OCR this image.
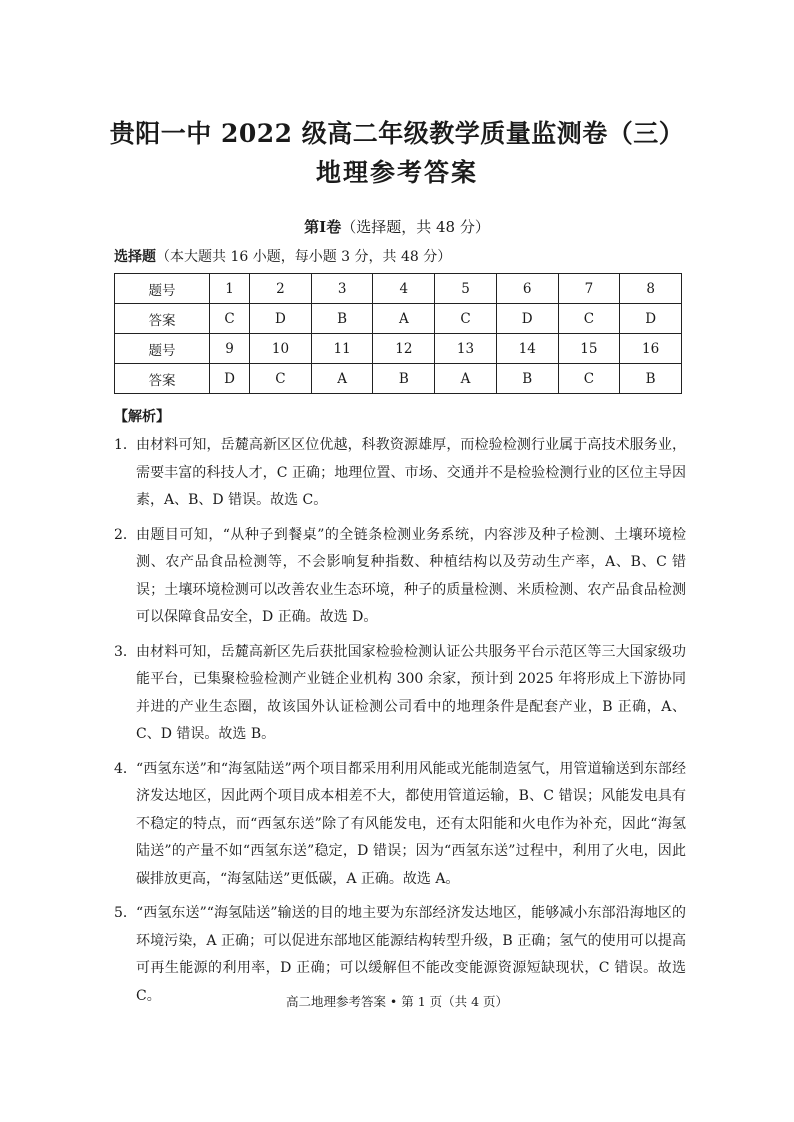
贵阳一中 2022 级高二年级教学质量监测卷（三）
地理参考答案
第Ⅰ卷（选择题，共 48 分）
选择题（本大题共 16 小题，每小题 3 分，共 48 分）
题号	1	2	3	4	5	6	7	8
答案	C	D	B	A	C	D	C	D
题号	9	10	11	12	13	14	15	16
答案	D	C	A	B	A	B	C	B
【解析】
1． 由材料可知，岳麓高新区区位优越，科教资源雄厚，而检验检测行业属于高技术服务业，需要丰富的科技人才，C 正确；地理位置、市场、交通并不是检验检测行业的区位主导因素，A、B、D 错误。故选 C。
2． 由题目可知，“从种子到餐桌”的全链条检测业务系统，内容涉及种子检测、土壤环境检测、农产品食品检测等，不会影响复种指数、种植结构以及劳动生产率，A、B、C 错误；土壤环境检测可以改善农业生态环境，种子的质量检测、米质检测、农产品食品检测可以保障食品安全，D 正确。故选 D。
3． 由材料可知，岳麓高新区先后获批国家检验检测认证公共服务平台示范区等三大国家级功能平台，已集聚检验检测产业链企业机构 300 余家，预计到 2025 年将形成上下游协同并进的产业生态圈，故该国外认证检测公司看中的地理条件是配套产业，B 正确，A、C、D 错误。故选 B。
4． “西氢东送”和“海氢陆送”两个项目都采用利用风能或光能制造氢气，用管道输送到东部经济发达地区，因此两个项目成本相差不大，都使用管道运输，B、C 错误；风能发电具有不稳定的特点，而“西氢东送”除了有风能发电，还有太阳能和火电作为补充，因此“海氢陆送”的产量不如“西氢东送”稳定，D 错误；因为“西氢东送”过程中，利用了火电，因此碳排放更高，“海氢陆送”更低碳，A 正确。故选 A。
5． “西氢东送”“海氢陆送”输送的目的地主要为东部经济发达地区，能够减小东部沿海地区的环境污染，A 正确；可以促进东部地区能源结构转型升级，B 正确；氢气的使用可以提高可再生能源的利用率，D 正确；可以缓解但不能改变能源资源短缺现状，C 错误。故选 C。	高二地理参考答案 • 第 1 页（共 4 页）
